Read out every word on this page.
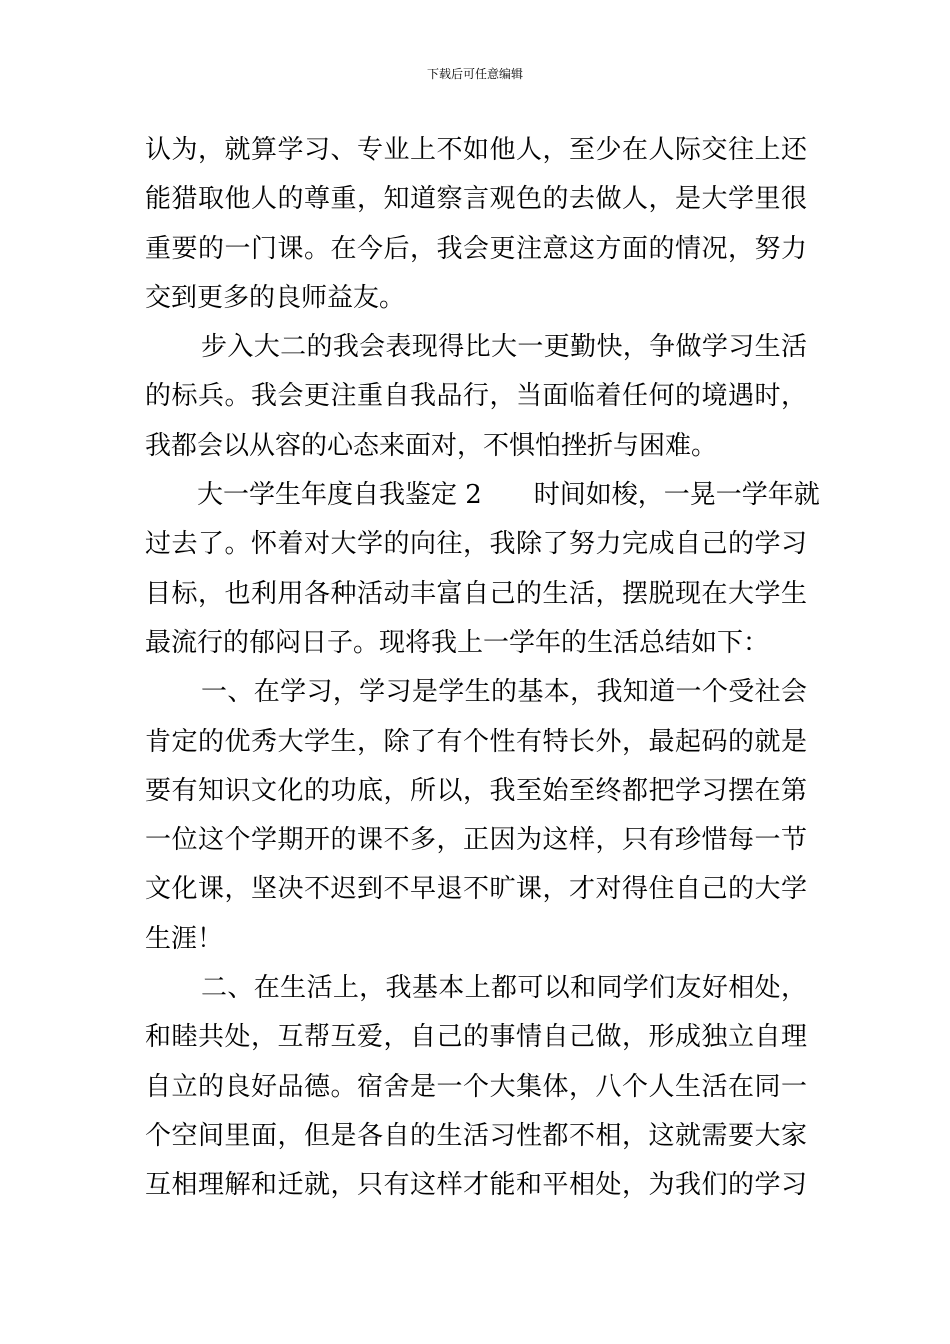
下载后可任意编辑
认为，就算学习、专业上不如他人，至少在人际交往上还
能猎取他人的尊重，知道察言观色的去做人，是大学里很
重要的一门课。在今后，我会更注意这方面的情况，努力
交到更多的良师益友。
步入大二的我会表现得比大一更勤快，争做学习生活
的标兵。我会更注重自我品行，当面临着任何的境遇时，
我都会以从容的心态来面对，不惧怕挫折与困难。
大一学生年度自我鉴定 2　　时间如梭，一晃一学年就
过去了。怀着对大学的向往，我除了努力完成自己的学习
目标，也利用各种活动丰富自己的生活，摆脱现在大学生
最流行的郁闷日子。现将我上一学年的生活总结如下：
一、在学习，学习是学生的基本，我知道一个受社会
肯定的优秀大学生，除了有个性有特长外，最起码的就是
要有知识文化的功底，所以，我至始至终都把学习摆在第
一位这个学期开的课不多，正因为这样，只有珍惜每一节
文化课，坚决不迟到不早退不旷课，才对得住自己的大学
生涯！
二、在生活上，我基本上都可以和同学们友好相处，
和睦共处，互帮互爱，自己的事情自己做，形成独立自理
自立的良好品德。宿舍是一个大集体，八个人生活在同一
个空间里面，但是各自的生活习性都不相，这就需要大家
互相理解和迁就，只有这样才能和平相处，为我们的学习
